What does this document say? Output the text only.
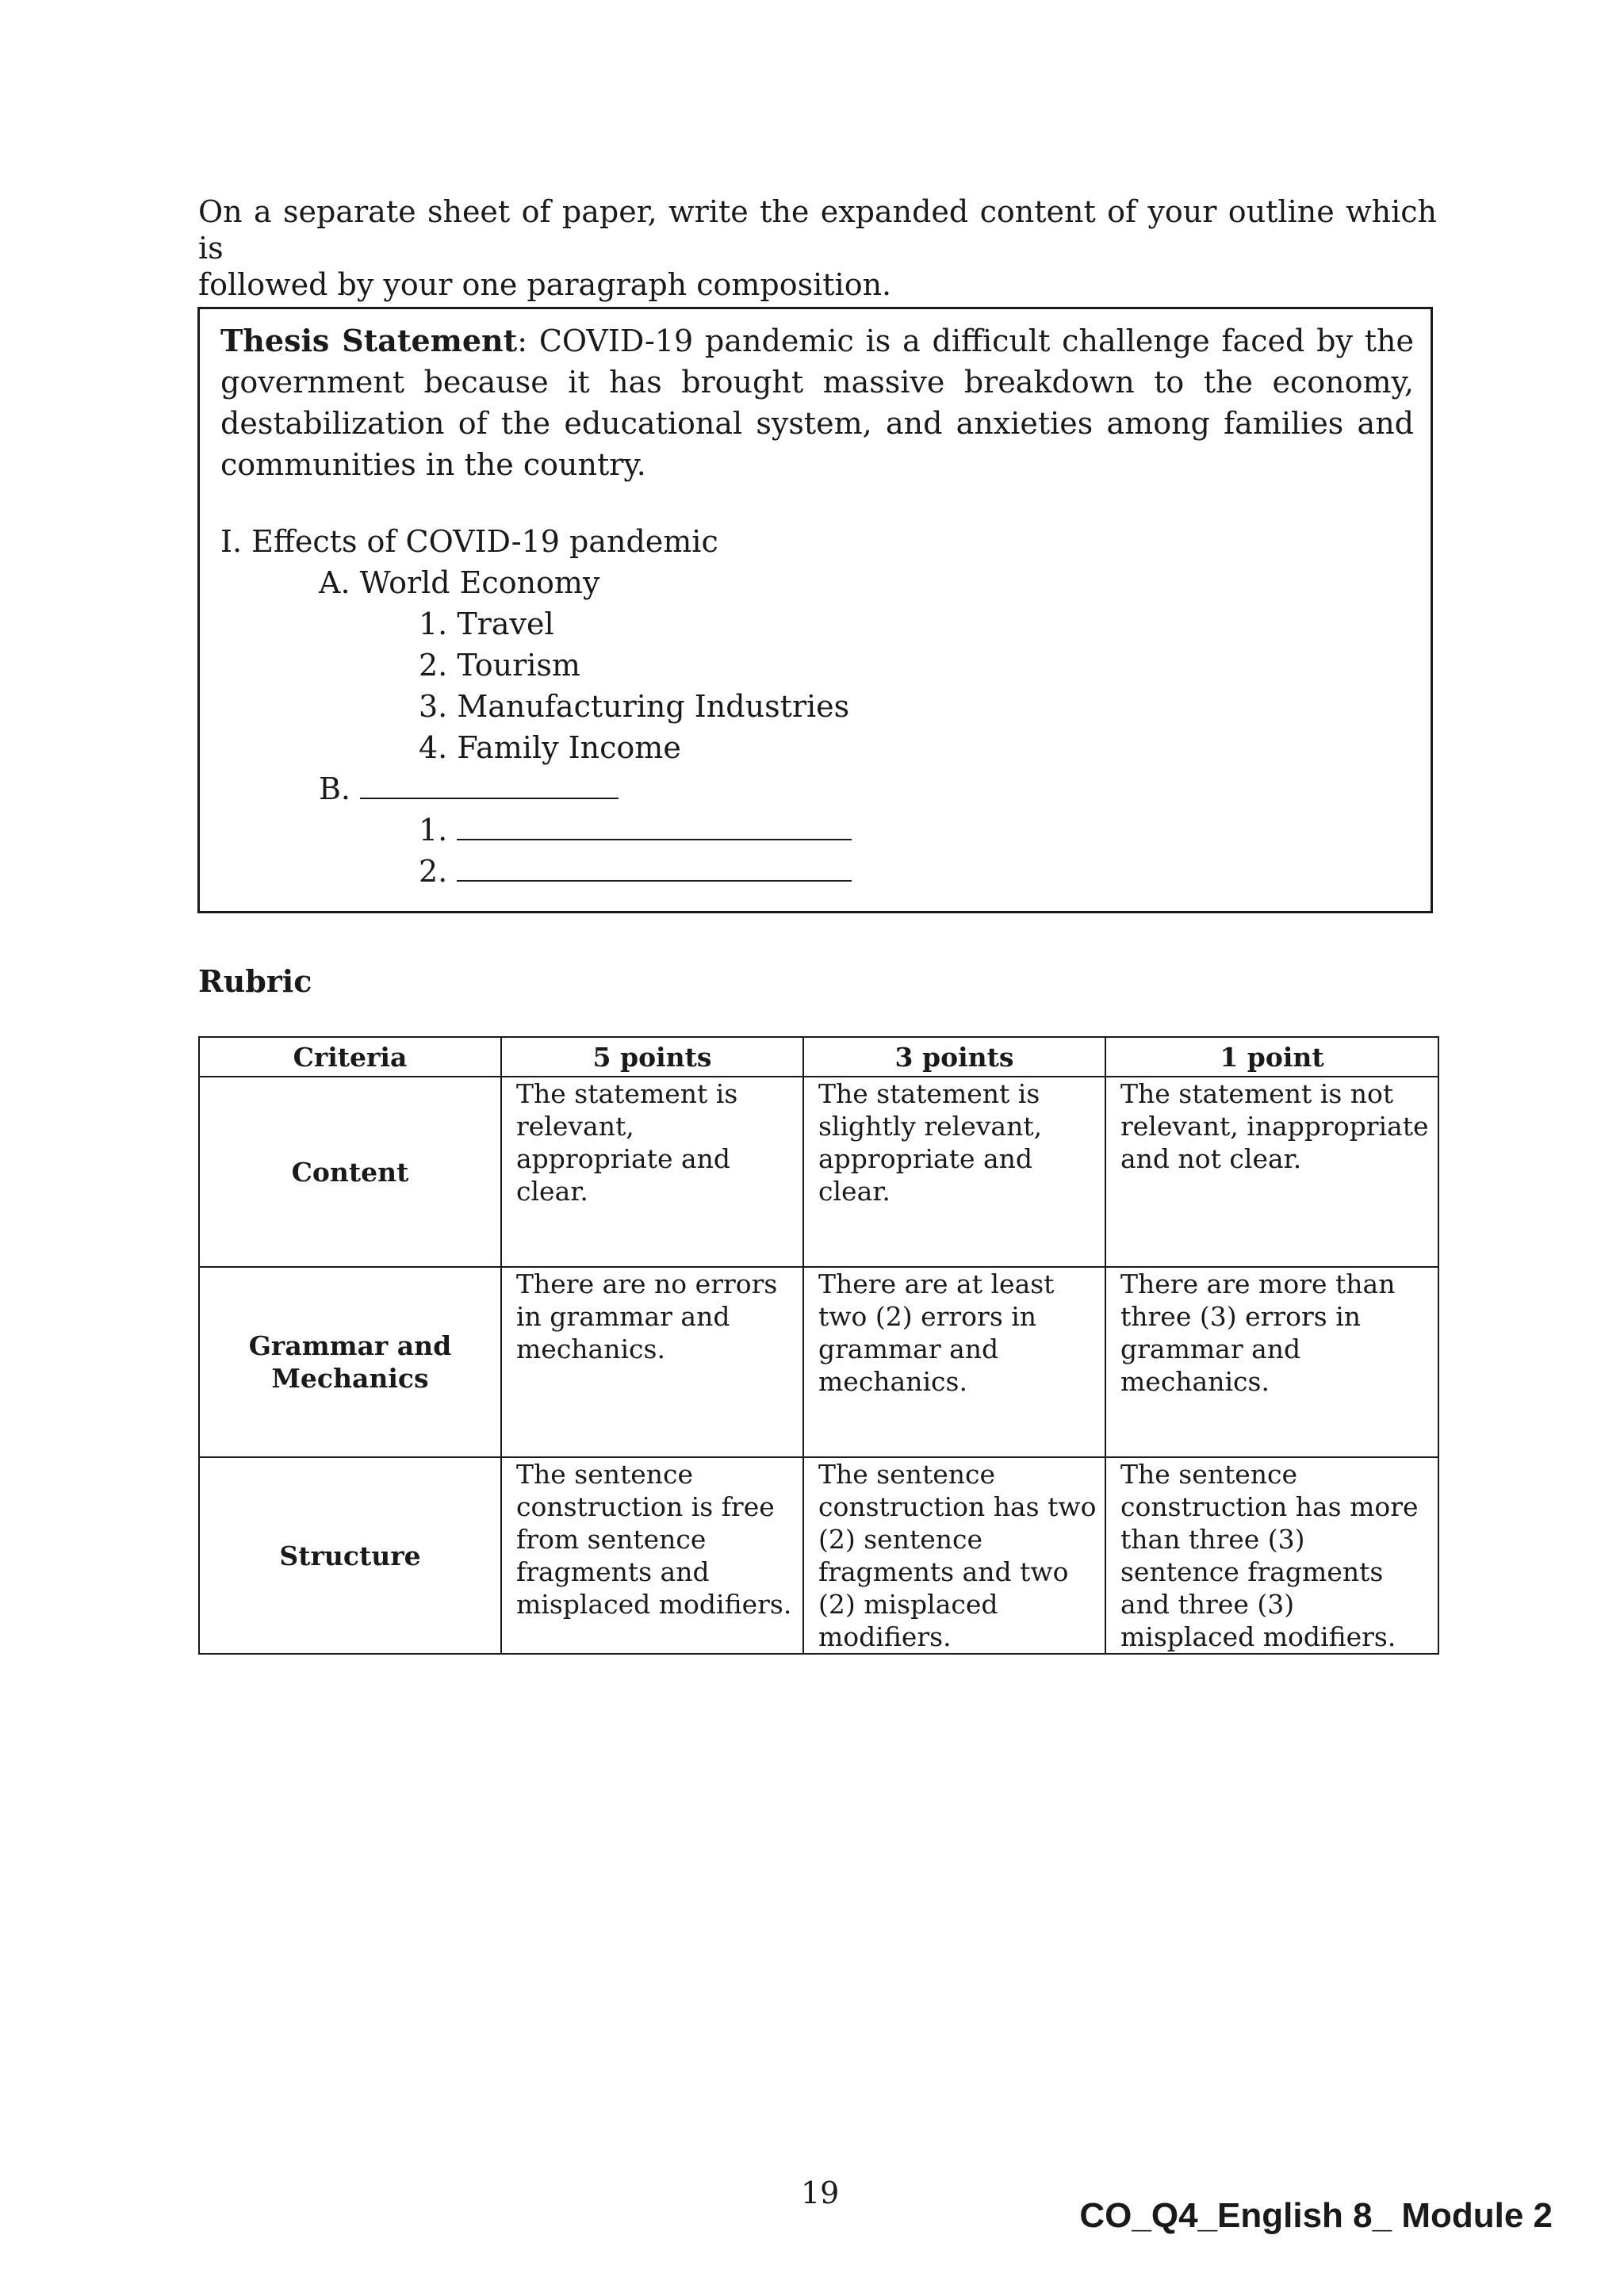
On a separate sheet of paper, write the expanded content of your outline which is
followed by your one paragraph composition.
Thesis Statement: COVID-19 pandemic is a difficult challenge faced by the
government because it has brought massive breakdown to the economy,
destabilization of the educational system, and anxieties among families and
communities in the country.
I. Effects of COVID-19 pandemic
A. World Economy
1. Travel
2. Tourism
3. Manufacturing Industries
4. Family Income
B.
1.
2.
Rubric
Criteria	5 points	3 points	1 point
Content	The statement is relevant, appropriate and clear.	The statement is slightly relevant, appropriate and clear.	The statement is not relevant, inappropriate and not clear.
Grammar and Mechanics	There are no errors in grammar and mechanics.	There are at least two (2) errors in grammar and mechanics.	There are more than three (3) errors in grammar and mechanics.
Structure	The sentence construction is free from sentence fragments and misplaced modifiers.	The sentence construction has two (2) sentence fragments and two (2) misplaced modifiers.	The sentence construction has more than three (3) sentence fragments and three (3) misplaced modifiers.
19
CO_Q4_English 8_ Module 2
